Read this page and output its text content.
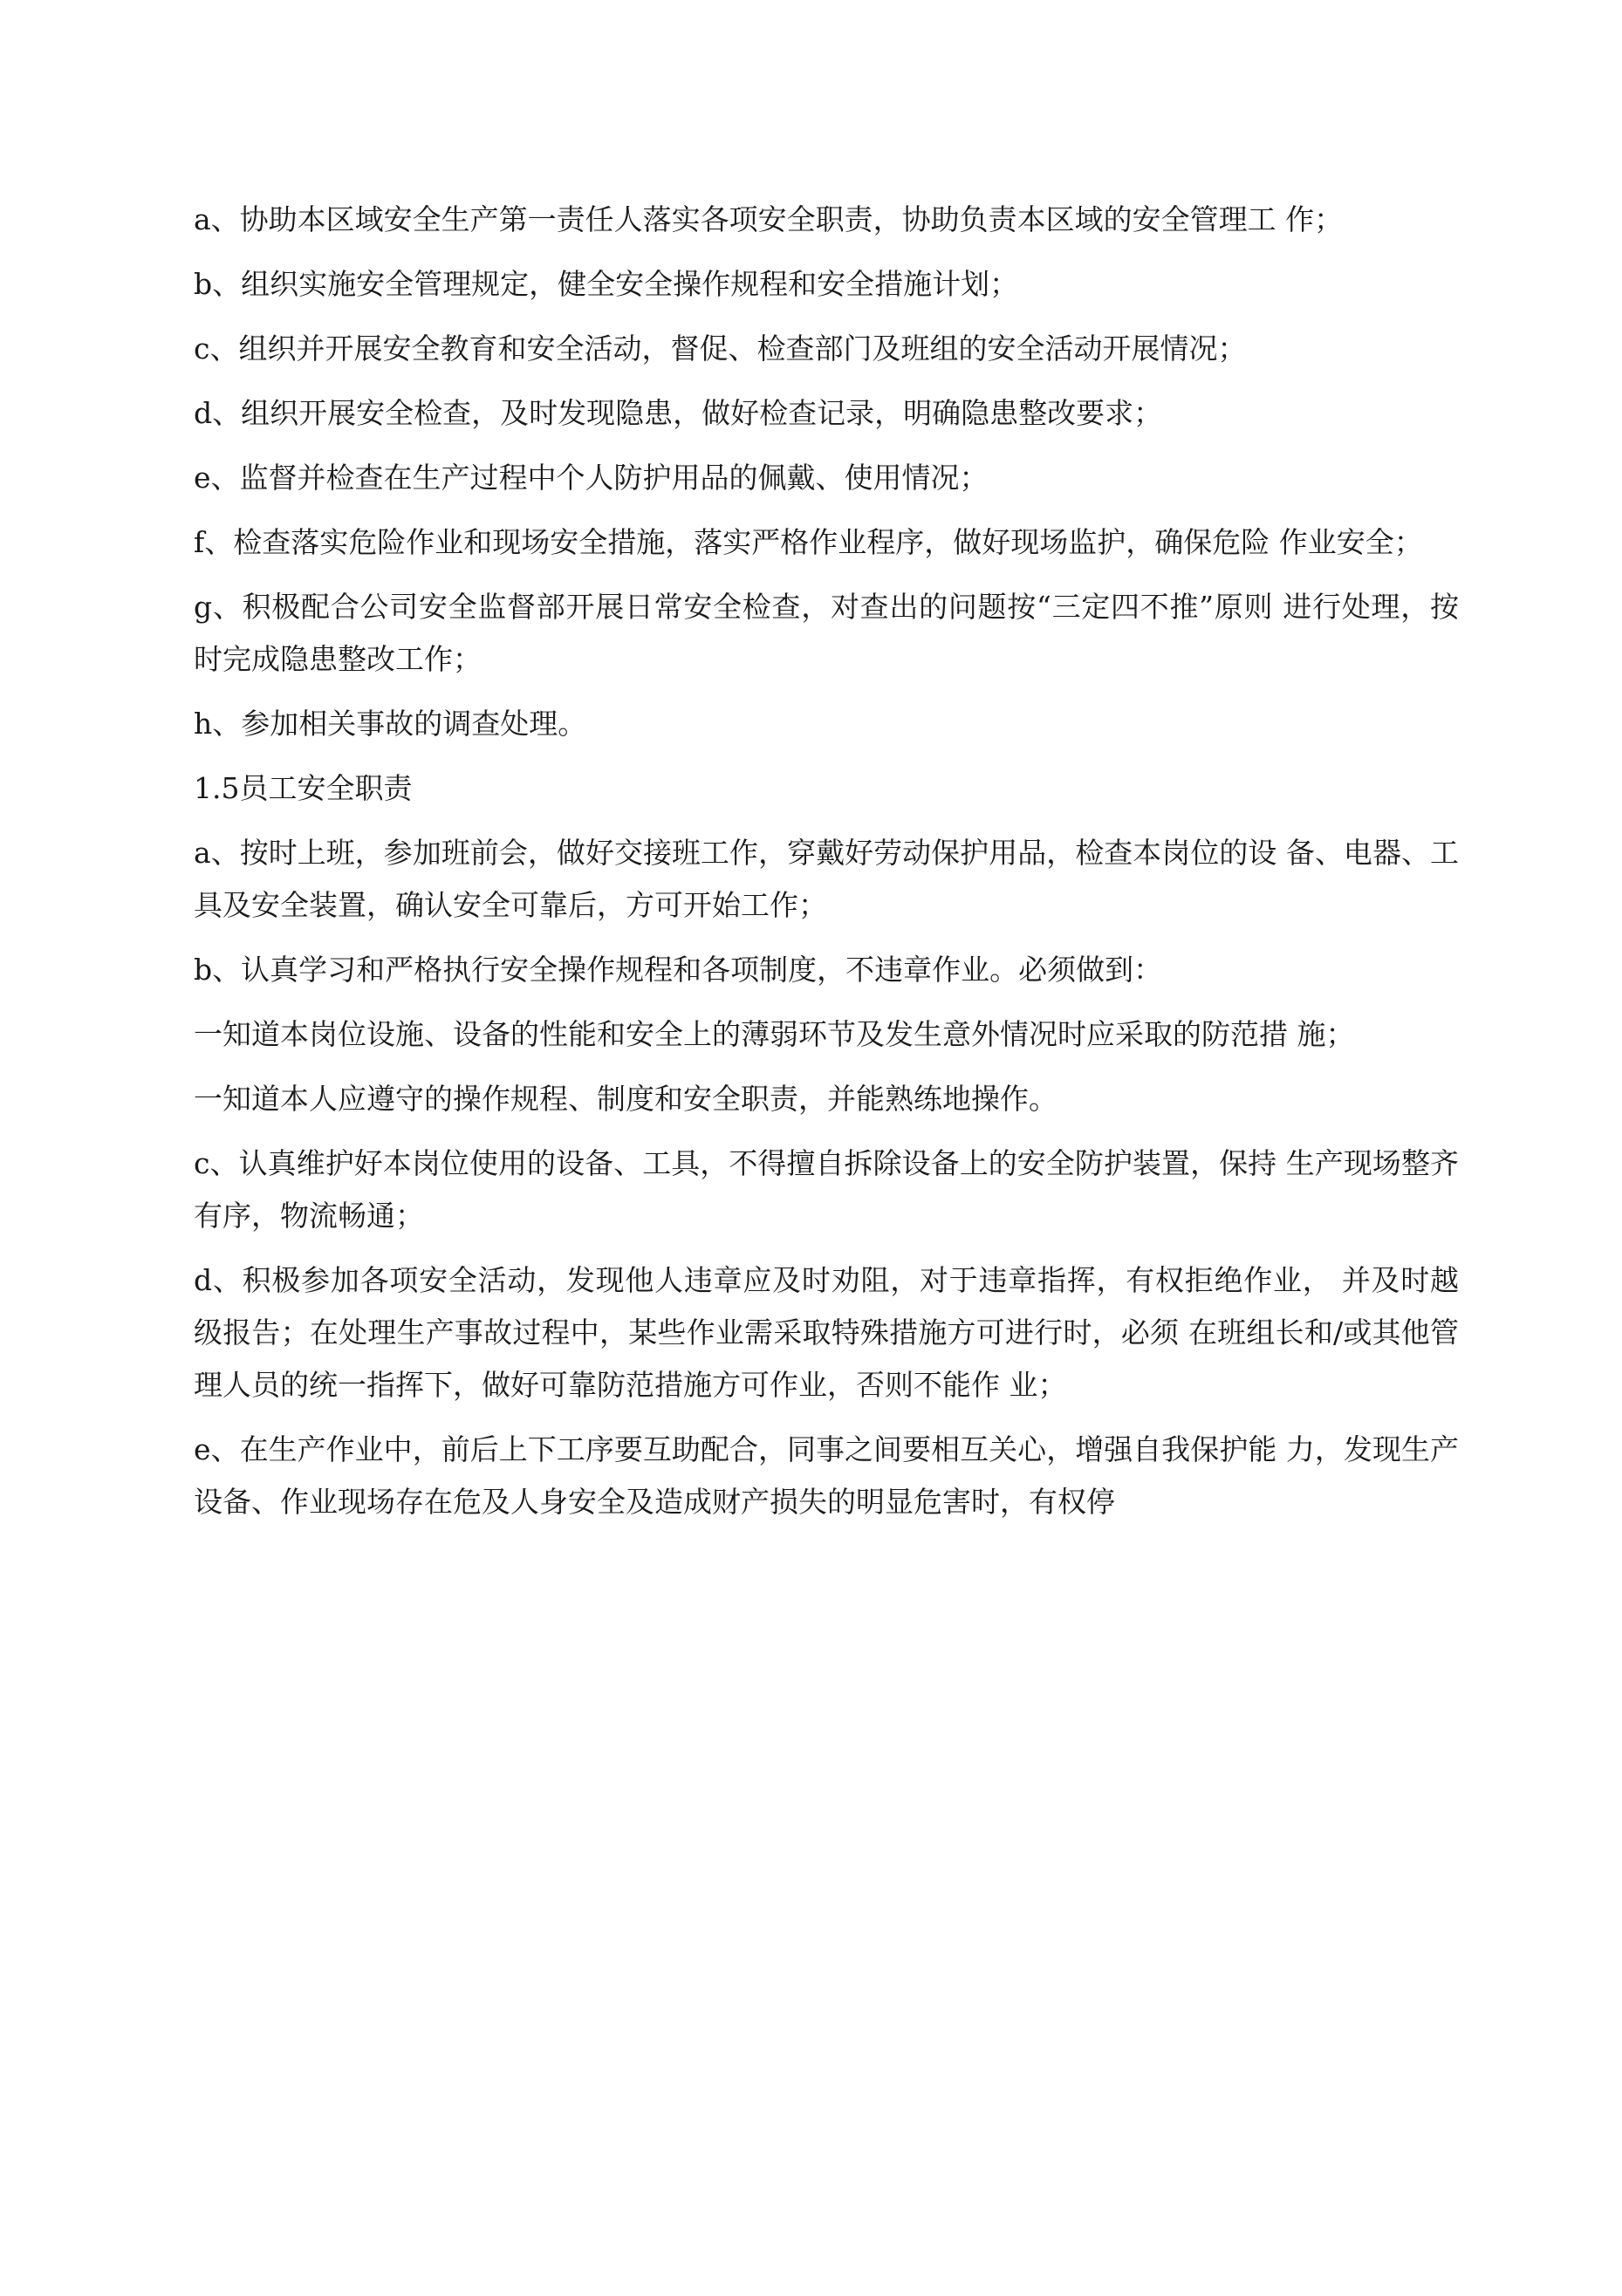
a、协助本区域安全生产第一责任人落实各项安全职责，协助负责本区域的安全管理工 作；

b、组织实施安全管理规定，健全安全操作规程和安全措施计划；

c、组织并开展安全教育和安全活动，督促、检查部门及班组的安全活动开展情况；

d、组织开展安全检查，及时发现隐患，做好检查记录，明确隐患整改要求；

e、监督并检查在生产过程中个人防护用品的佩戴、使用情况；

f、检查落实危险作业和现场安全措施，落实严格作业程序，做好现场监护，确保危险 作业安全；

g、积极配合公司安全监督部开展日常安全检查，对查出的问题按“三定四不推”原则 进行处理，按时完成隐患整改工作；

h、参加相关事故的调查处理。

1.5员工安全职责

a、按时上班，参加班前会，做好交接班工作，穿戴好劳动保护用品，检查本岗位的设 备、电器、工具及安全装置，确认安全可靠后，方可开始工作；

b、认真学习和严格执行安全操作规程和各项制度，不违章作业。必须做到：

一知道本岗位设施、设备的性能和安全上的薄弱环节及发生意外情况时应采取的防范措 施；

一知道本人应遵守的操作规程、制度和安全职责，并能熟练地操作。

c、认真维护好本岗位使用的设备、工具，不得擅自拆除设备上的安全防护装置，保持 生产现场整齐有序，物流畅通；

d、积极参加各项安全活动，发现他人违章应及时劝阻，对于违章指挥，有权拒绝作业， 并及时越级报告；在处理生产事故过程中，某些作业需采取特殊措施方可进行时，必须 在班组长和/或其他管理人员的统一指挥下，做好可靠防范措施方可作业，否则不能作 业；

e、在生产作业中，前后上下工序要互助配合，同事之间要相互关心，增强自我保护能 力，发现生产设备、作业现场存在危及人身安全及造成财产损失的明显危害时，有权停
